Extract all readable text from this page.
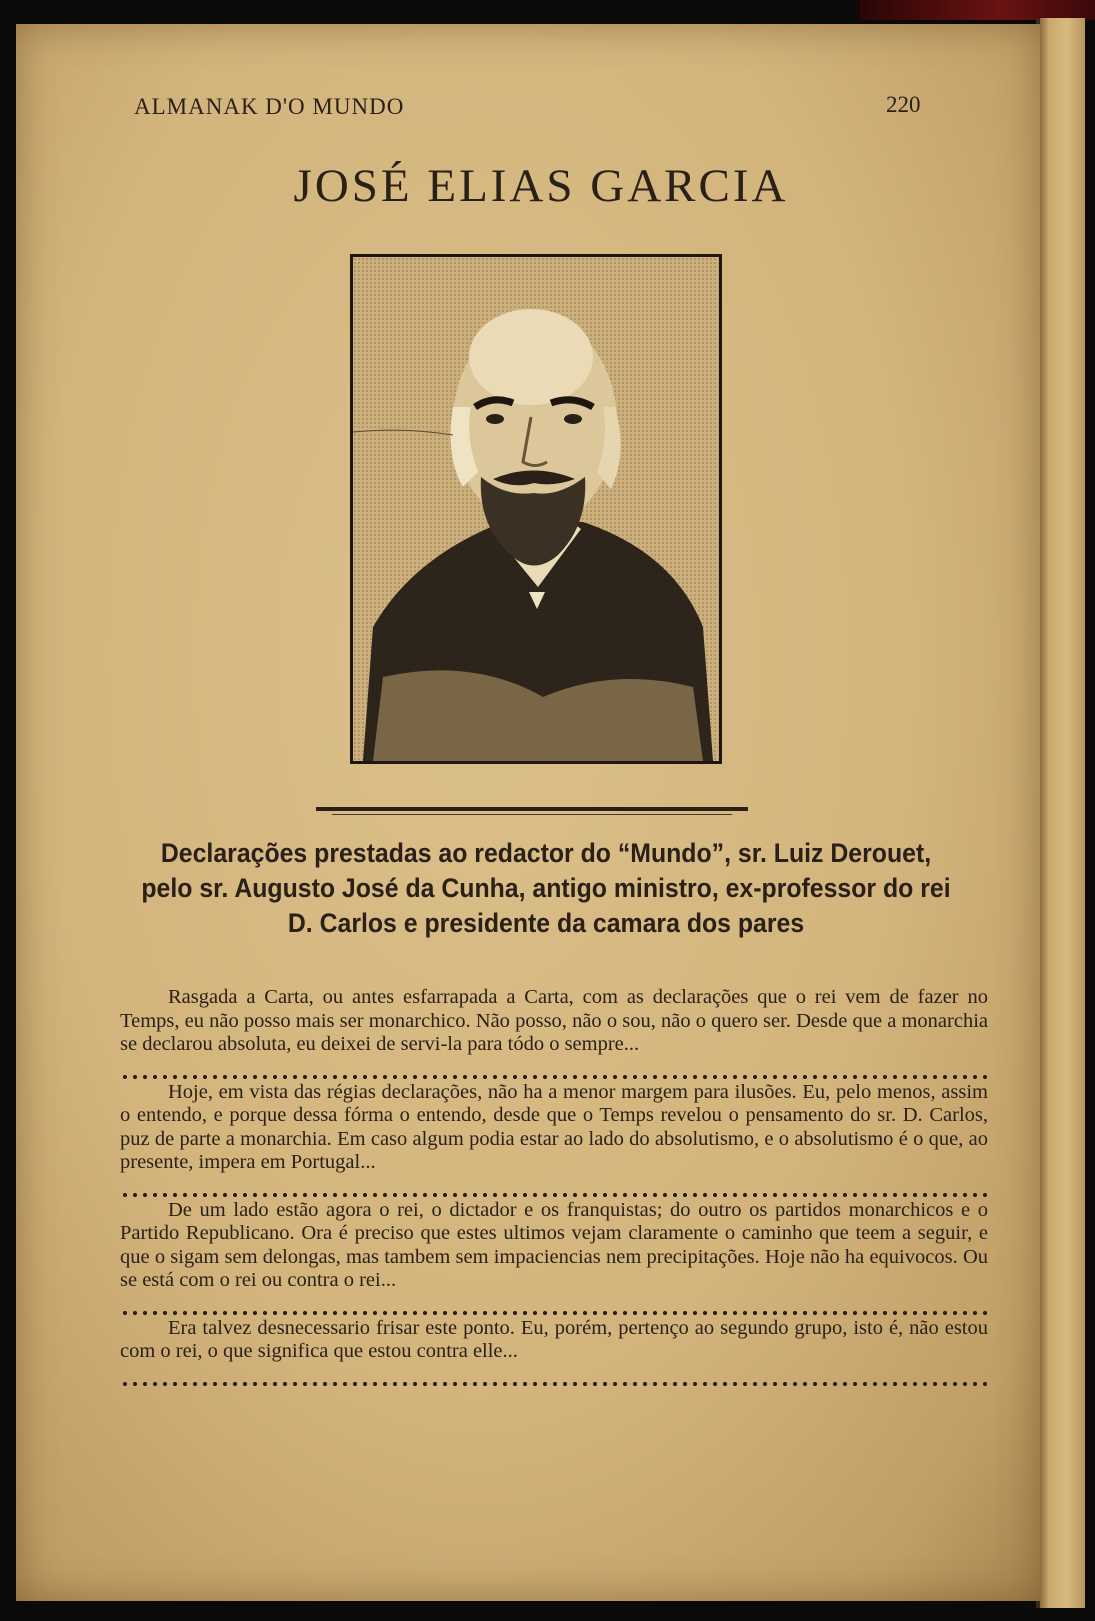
ALMANAK D'O MUNDO	220
JOSÉ ELIAS GARCIA
Declarações prestadas ao redactor do “Mundo”, sr. Luiz Derouet, pelo sr. Augusto José da Cunha, antigo ministro, ex-professor do rei D. Carlos e presidente da camara dos pares

Rasgada a Carta, ou antes esfarrapada a Carta, com as declarações que o rei vem de fazer no Temps, eu não posso mais ser monarchico. Não posso, não o sou, não o quero ser. Desde que a monarchia se declarou absoluta, eu deixei de servi-la para tódo o sempre...

Hoje, em vista das régias declarações, não ha a menor margem para ilusões. Eu, pelo menos, assim o entendo, e porque dessa fórma o entendo, desde que o Temps revelou o pensamento do sr. D. Carlos, puz de parte a monarchia. Em caso algum podia estar ao lado do absolutismo, e o absolutismo é o que, ao presente, impera em Portugal...

De um lado estão agora o rei, o dictador e os franquistas; do outro os partidos monarchicos e o Partido Republicano. Ora é preciso que estes ultimos vejam claramente o caminho que teem a seguir, e que o sigam sem delongas, mas tambem sem impaciencias nem precipitações. Hoje não ha equivocos. Ou se está com o rei ou contra o rei...

Era talvez desnecessario frisar este ponto. Eu, porém, pertenço ao segundo grupo, isto é, não estou com o rei, o que significa que estou contra elle...
